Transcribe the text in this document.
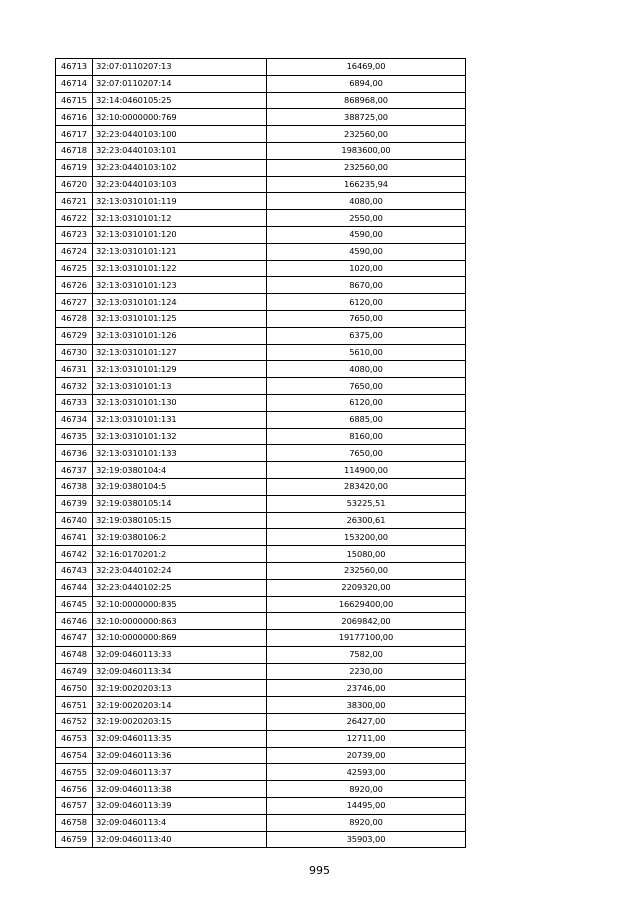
46713	32:07:0110207:13	16469,00
46714	32:07:0110207:14	6894,00
46715	32:14:0460105:25	868968,00
46716	32:10:0000000:769	388725,00
46717	32:23:0440103:100	232560,00
46718	32:23:0440103:101	1983600,00
46719	32:23:0440103:102	232560,00
46720	32:23:0440103:103	166235,94
46721	32:13:0310101:119	4080,00
46722	32:13:0310101:12	2550,00
46723	32:13:0310101:120	4590,00
46724	32:13:0310101:121	4590,00
46725	32:13:0310101:122	1020,00
46726	32:13:0310101:123	8670,00
46727	32:13:0310101:124	6120,00
46728	32:13:0310101:125	7650,00
46729	32:13:0310101:126	6375,00
46730	32:13:0310101:127	5610,00
46731	32:13:0310101:129	4080,00
46732	32:13:0310101:13	7650,00
46733	32:13:0310101:130	6120,00
46734	32:13:0310101:131	6885,00
46735	32:13:0310101:132	8160,00
46736	32:13:0310101:133	7650,00
46737	32:19:0380104:4	114900,00
46738	32:19:0380104:5	283420,00
46739	32:19:0380105:14	53225,51
46740	32:19:0380105:15	26300,61
46741	32:19:0380106:2	153200,00
46742	32:16:0170201:2	15080,00
46743	32:23:0440102:24	232560,00
46744	32:23:0440102:25	2209320,00
46745	32:10:0000000:835	16629400,00
46746	32:10:0000000:863	2069842,00
46747	32:10:0000000:869	19177100,00
46748	32:09:0460113:33	7582,00
46749	32:09:0460113:34	2230,00
46750	32:19:0020203:13	23746,00
46751	32:19:0020203:14	38300,00
46752	32:19:0020203:15	26427,00
46753	32:09:0460113:35	12711,00
46754	32:09:0460113:36	20739,00
46755	32:09:0460113:37	42593,00
46756	32:09:0460113:38	8920,00
46757	32:09:0460113:39	14495,00
46758	32:09:0460113:4	8920,00
46759	32:09:0460113:40	35903,00
995
